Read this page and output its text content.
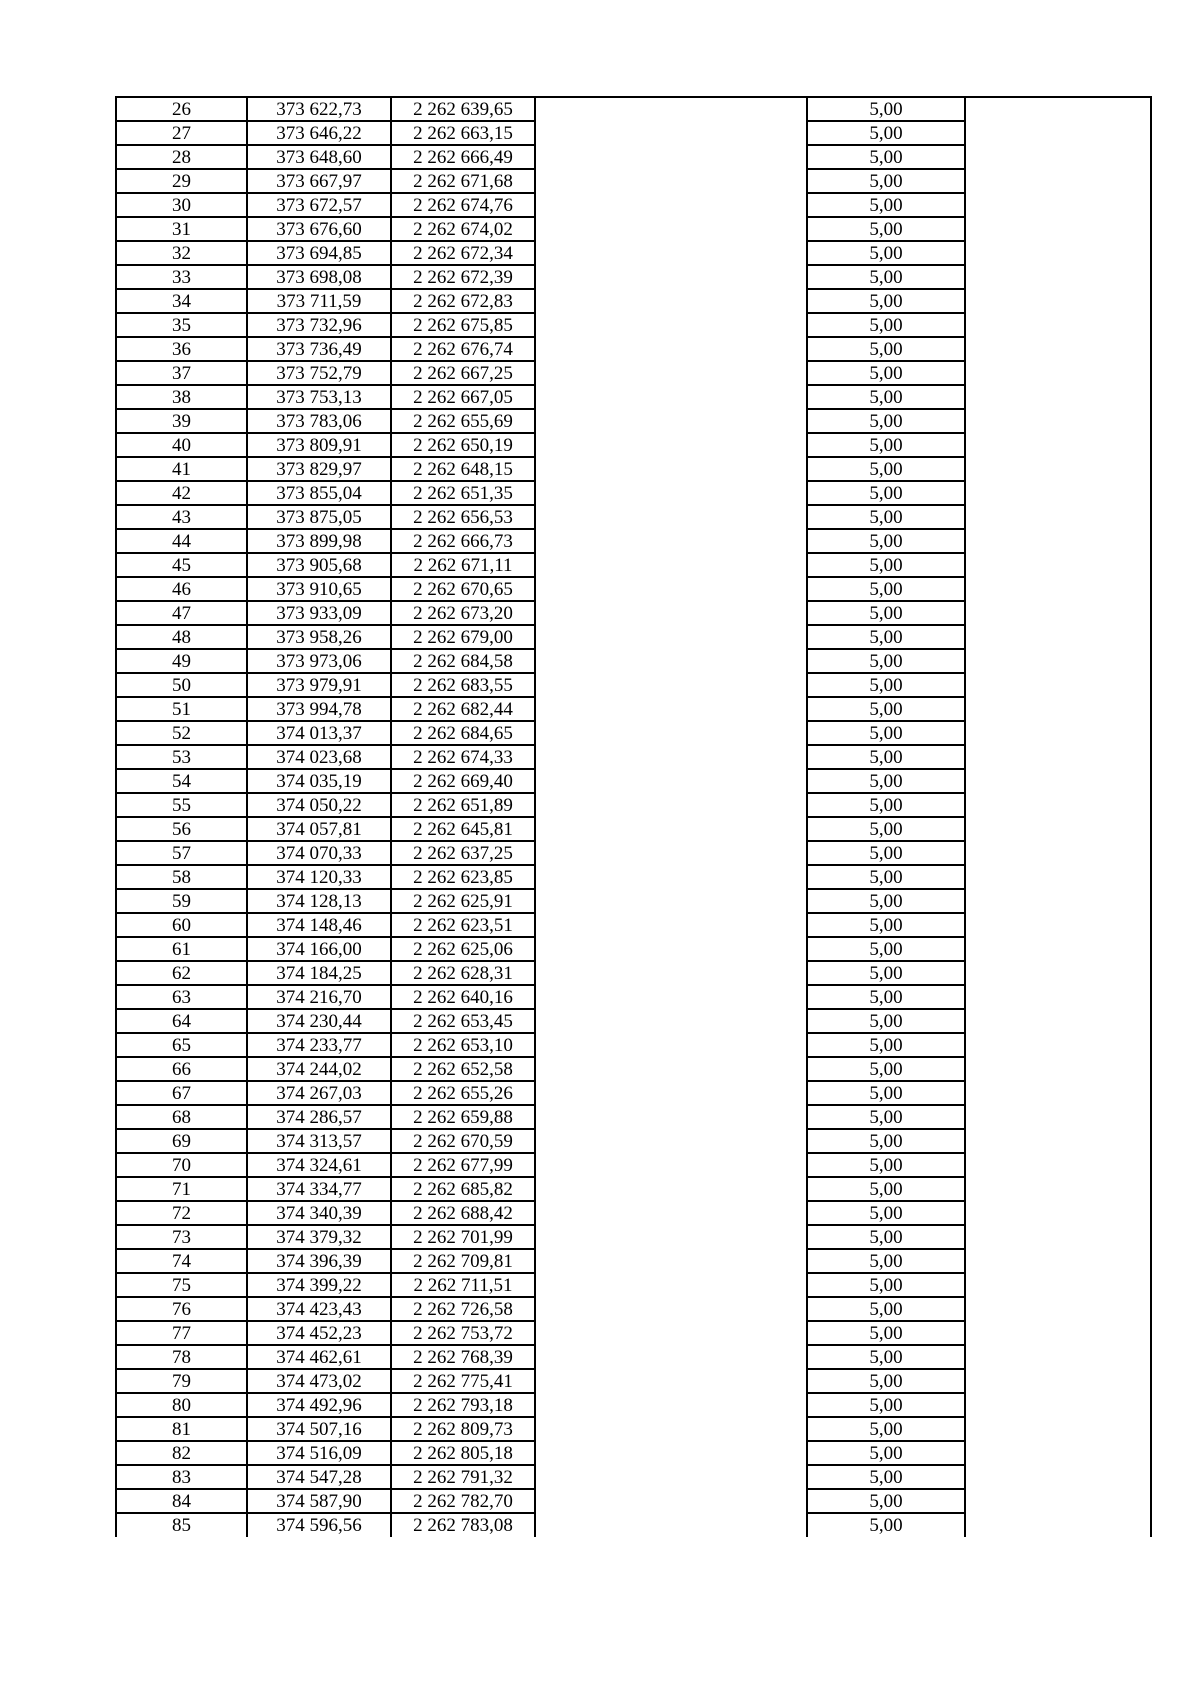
26	373 622,73	2 262 639,65		5,00	
27	373 646,22	2 262 663,15		5,00	
28	373 648,60	2 262 666,49		5,00	
29	373 667,97	2 262 671,68		5,00	
30	373 672,57	2 262 674,76		5,00	
31	373 676,60	2 262 674,02		5,00	
32	373 694,85	2 262 672,34		5,00	
33	373 698,08	2 262 672,39		5,00	
34	373 711,59	2 262 672,83		5,00	
35	373 732,96	2 262 675,85		5,00	
36	373 736,49	2 262 676,74		5,00	
37	373 752,79	2 262 667,25		5,00	
38	373 753,13	2 262 667,05		5,00	
39	373 783,06	2 262 655,69		5,00	
40	373 809,91	2 262 650,19		5,00	
41	373 829,97	2 262 648,15		5,00	
42	373 855,04	2 262 651,35		5,00	
43	373 875,05	2 262 656,53		5,00	
44	373 899,98	2 262 666,73		5,00	
45	373 905,68	2 262 671,11		5,00	
46	373 910,65	2 262 670,65		5,00	
47	373 933,09	2 262 673,20		5,00	
48	373 958,26	2 262 679,00		5,00	
49	373 973,06	2 262 684,58		5,00	
50	373 979,91	2 262 683,55		5,00	
51	373 994,78	2 262 682,44		5,00	
52	374 013,37	2 262 684,65		5,00	
53	374 023,68	2 262 674,33		5,00	
54	374 035,19	2 262 669,40		5,00	
55	374 050,22	2 262 651,89		5,00	
56	374 057,81	2 262 645,81		5,00	
57	374 070,33	2 262 637,25		5,00	
58	374 120,33	2 262 623,85		5,00	
59	374 128,13	2 262 625,91		5,00	
60	374 148,46	2 262 623,51		5,00	
61	374 166,00	2 262 625,06		5,00	
62	374 184,25	2 262 628,31		5,00	
63	374 216,70	2 262 640,16		5,00	
64	374 230,44	2 262 653,45		5,00	
65	374 233,77	2 262 653,10		5,00	
66	374 244,02	2 262 652,58		5,00	
67	374 267,03	2 262 655,26		5,00	
68	374 286,57	2 262 659,88		5,00	
69	374 313,57	2 262 670,59		5,00	
70	374 324,61	2 262 677,99		5,00	
71	374 334,77	2 262 685,82		5,00	
72	374 340,39	2 262 688,42		5,00	
73	374 379,32	2 262 701,99		5,00	
74	374 396,39	2 262 709,81		5,00	
75	374 399,22	2 262 711,51		5,00	
76	374 423,43	2 262 726,58		5,00	
77	374 452,23	2 262 753,72		5,00	
78	374 462,61	2 262 768,39		5,00	
79	374 473,02	2 262 775,41		5,00	
80	374 492,96	2 262 793,18		5,00	
81	374 507,16	2 262 809,73		5,00	
82	374 516,09	2 262 805,18		5,00	
83	374 547,28	2 262 791,32		5,00	
84	374 587,90	2 262 782,70		5,00	
85	374 596,56	2 262 783,08		5,00	
